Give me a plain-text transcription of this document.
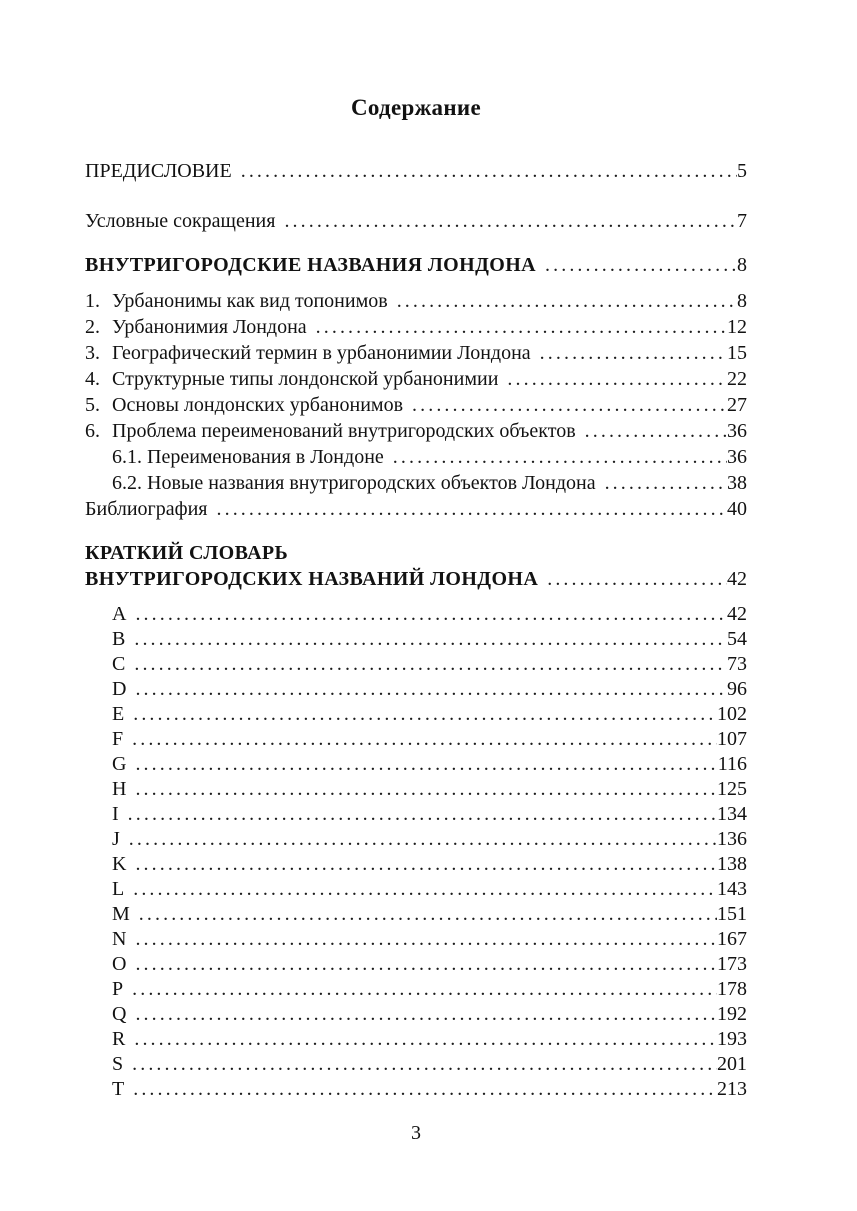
Содержание
ПРЕДИСЛОВИЕ .....	5
Условные сокращения .....	7
ВНУТРИГОРОДСКИЕ НАЗВАНИЯ ЛОНДОНА .....	8
1. Урбанонимы как вид топонимов .....	8
2. Урбанонимия Лондона .....	12
3. Географический термин в урбанонимии Лондона .....	15
4. Структурные типы лондонской урбанонимии .....	22
5. Основы лондонских урбанонимов .....	27
6. Проблема переименований внутригородских объектов .....	36
6.1. Переименования в Лондоне .....	36
6.2. Новые названия внутригородских объектов Лондона .....	38
Библиография .....	40
КРАТКИЙ СЛОВАРЬ
ВНУТРИГОРОДСКИХ НАЗВАНИЙ ЛОНДОНА .....	42
A .....	42
B .....	54
C .....	73
D .....	96
E .....	102
F .....	107
G .....	116
H .....	125
I .....	134
J .....	136
K .....	138
L .....	143
M .....	151
N .....	167
O .....	173
P .....	178
Q .....	192
R .....	193
S .....	201
T .....	213
3
